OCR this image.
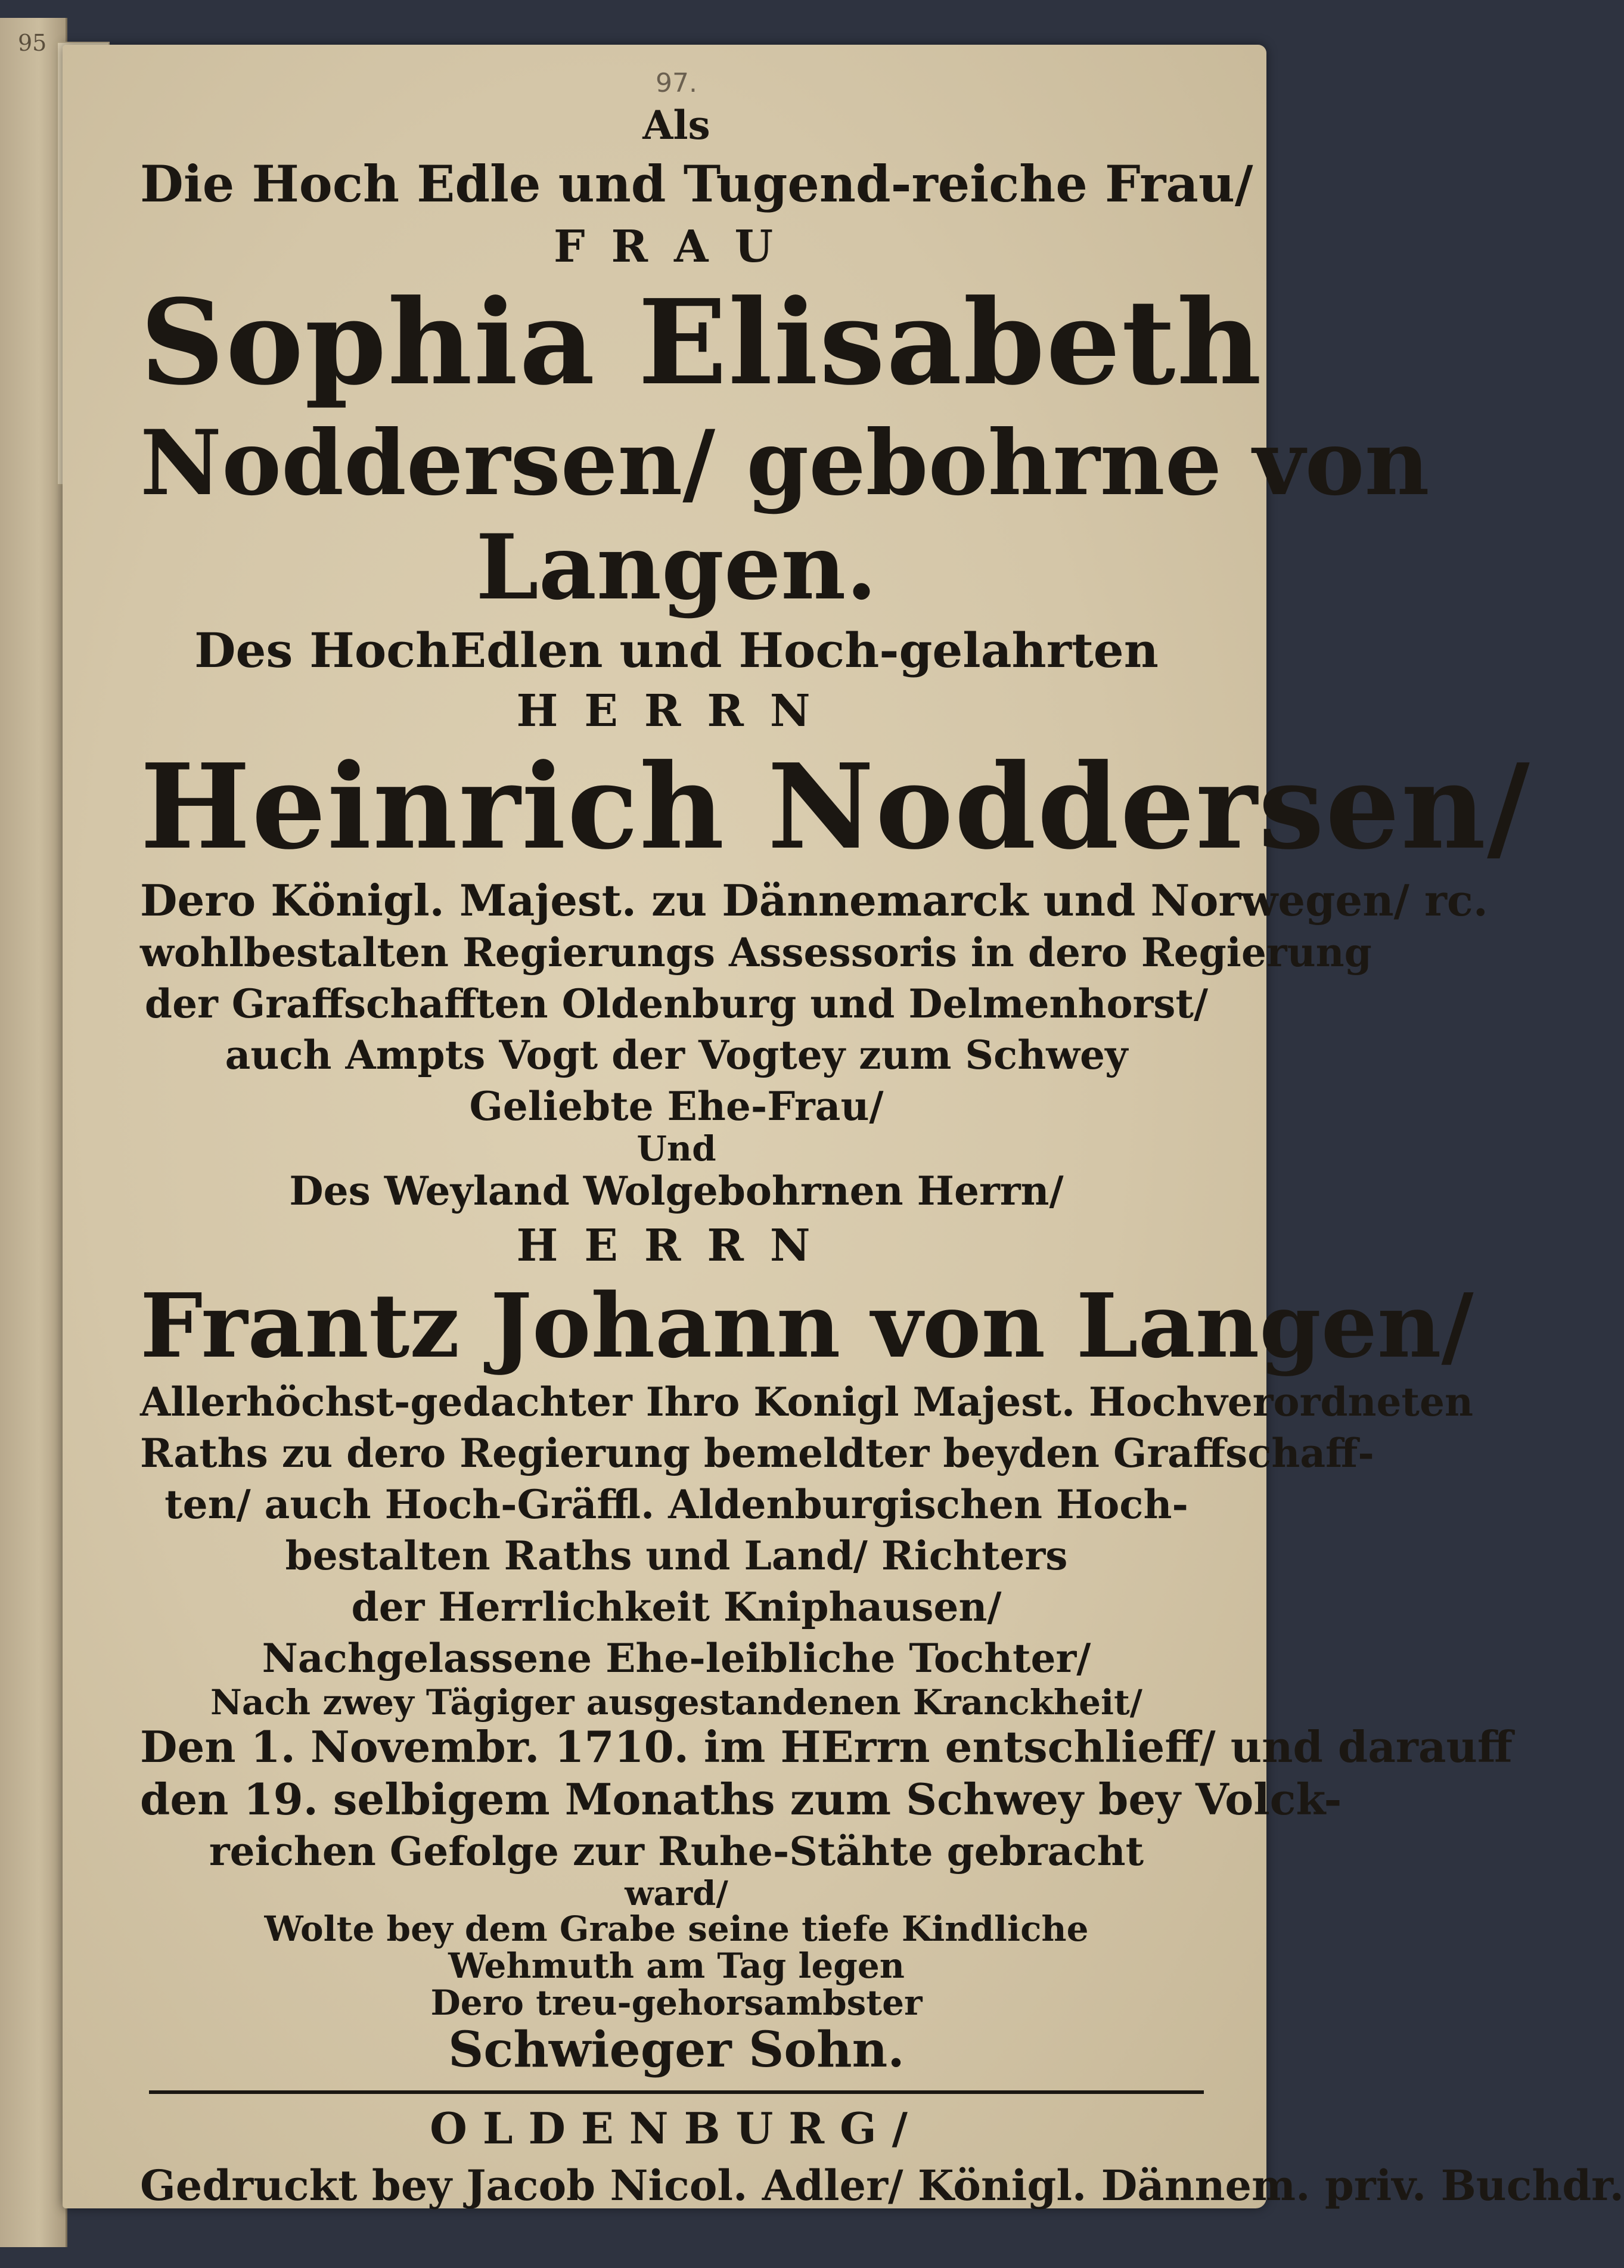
95
97.
Als
Die Hoch Edle und Tugend-reiche Frau/
FRAU
Sophia Elisabeth
Noddersen/ gebohrne von
Langen.
Des HochEdlen und Hoch-gelahrten
HERRN
Heinrich Noddersen/
Dero Königl. Majest. zu Dännemarck und Norwegen/ rc.
wohlbestalten Regierungs Assessoris in dero Regierung
der Graffschafften Oldenburg und Delmenhorst/
auch Ampts Vogt der Vogtey zum Schwey
Geliebte Ehe-Frau/
Und
Des Weyland Wolgebohrnen Herrn/
HERRN
Frantz Johann von Langen/
Allerhöchst-gedachter Ihro Konigl Majest. Hochverordneten
Raths zu dero Regierung bemeldter beyden Graffschaff-
ten/ auch Hoch-Gräffl. Aldenburgischen Hoch-
bestalten Raths und Land/ Richters
der Herrlichkeit Kniphausen/
Nachgelassene Ehe-leibliche Tochter/
Nach zwey Tägiger ausgestandenen Kranckheit/
Den 1. Novembr. 1710. im HErrn entschlieff/ und darauff
den 19. selbigem Monaths zum Schwey bey Volck-
reichen Gefolge zur Ruhe-Stähte gebracht
ward/
Wolte bey dem Grabe seine tiefe Kindliche
Wehmuth am Tag legen
Dero treu-gehorsambster
Schwieger Sohn.
OLDENBURG/
Gedruckt bey Jacob Nicol. Adler/ Königl. Dännem. priv. Buchdr.
